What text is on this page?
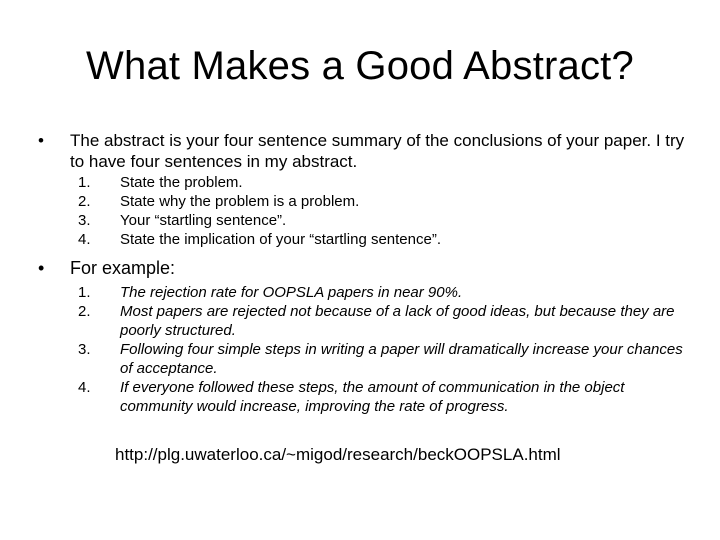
What Makes a Good Abstract?
•	The abstract is your four sentence summary of the conclusions of your paper. I try to have four sentences in my abstract.
1.	State the problem.
2.	State why the problem is a problem.
3.	Your “startling sentence”.
4.	State the implication of your “startling sentence”.
•	For example:
1.	The rejection rate for OOPSLA papers in near 90%.
2.	Most papers are rejected not because of a lack of good ideas, but because they are poorly structured.
3.	Following four simple steps in writing a paper will dramatically increase your chances of acceptance.
4.	If everyone followed these steps, the amount of communication in the object community would increase, improving the rate of progress.
http://plg.uwaterloo.ca/~migod/research/beckOOPSLA.html
